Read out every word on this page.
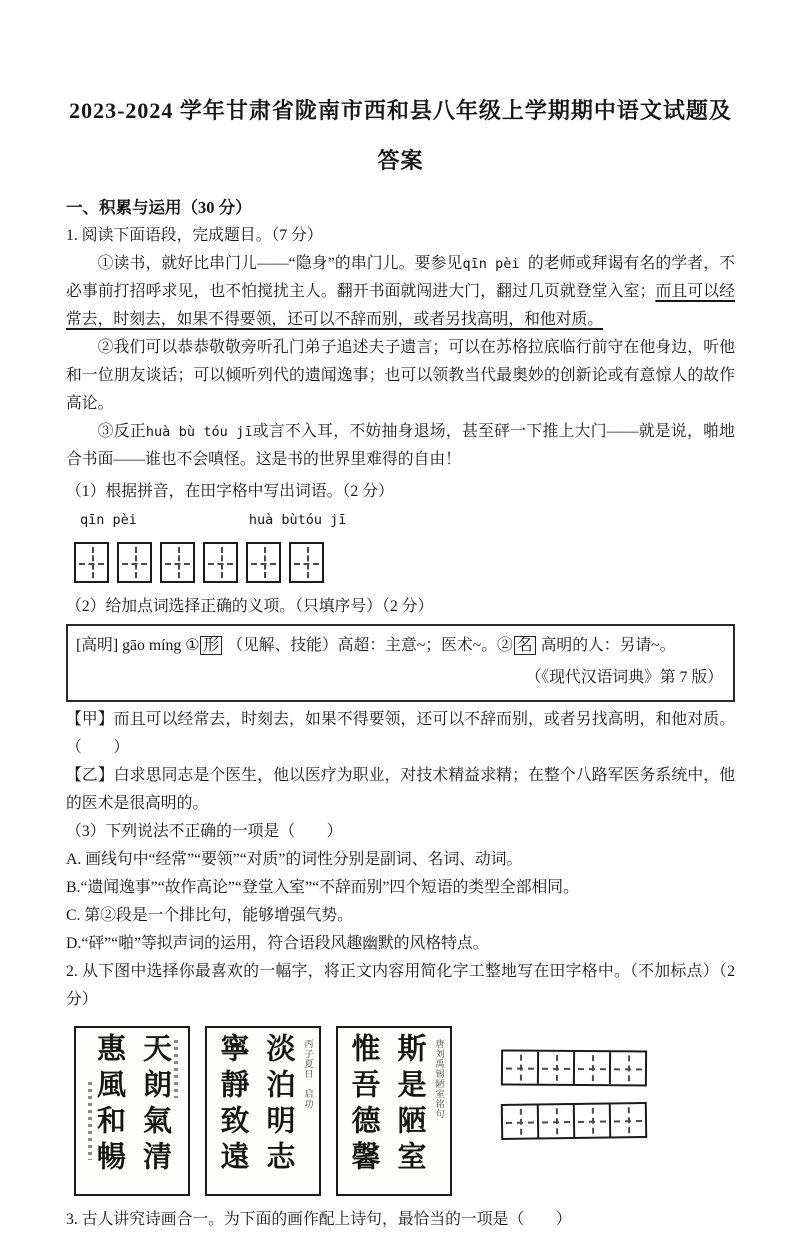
2023-2024 学年甘肃省陇南市西和县八年级上学期期中语文试题及答案
一、积累与运用（30 分）

1. 阅读下面语段，完成题目。（7 分）

①读书，就好比串门儿——“隐身”的串门儿。要参见qīn pèi 的老师或拜谒有名的学者，不必事前打招呼求见，也不怕搅扰主人。翻开书面就闯进大门，翻过几页就登堂入室；而且可以经常去，时刻去，如果不得要领，还可以不辞而别，或者另找高明，和他对质。

②我们可以恭恭敬敬旁听孔门弟子追述夫子遗言；可以在苏格拉底临行前守在他身边，听他和一位朋友谈话；可以倾听列代的遗闻逸事；也可以领教当代最奥妙的创新论或有意惊人的故作高论。

③反正huà bù tóu jī或言不入耳，不妨抽身退场，甚至砰一下推上大门——就是说，啪地合书面——谁也不会嗔怪。这是书的世界里难得的自由！

（1）根据拼音，在田字格中写出词语。（2 分）

qīn pèi	huà bùtóu jī

（2）给加点词选择正确的义项。（只填序号）（2 分）

[高明] gāo míng ① 形 （见解、技能）高超：主意~；医术~。② 名 高明的人：另请~。

（《现代汉语词典》第 7 版）

【甲】而且可以经常去，时刻去，如果不得要领，还可以不辞而别，或者另找高明，和他对质。（　　）

【乙】白求思同志是个医生，他以医疗为职业，对技术精益求精；在整个八路军医务系统中，他的医术是很高明的。

（3）下列说法不正确的一项是（　　）

A. 画线句中“经常”“要领”“对质”的词性分别是副词、名词、动词。

B.“遗闻逸事”“故作高论”“登堂入室”“不辞而别”四个短语的类型全部相同。

C. 第②段是一个排比句，能够增强气势。

D.“砰”“啪”等拟声词的运用，符合语段风趣幽默的风格特点。

2. 从下图中选择你最喜欢的一幅字，将正文内容用简化字工整地写在田字格中。（不加标点）（2 分）

天朗氣清惠風和暢	淡泊明志寧靜致遠	丙子夏日　启功	斯是陋室惟吾德馨	唐刘禹锡陋室铭句

3. 古人讲究诗画合一。为下面的画作配上诗句，最恰当的一项是（　　）
